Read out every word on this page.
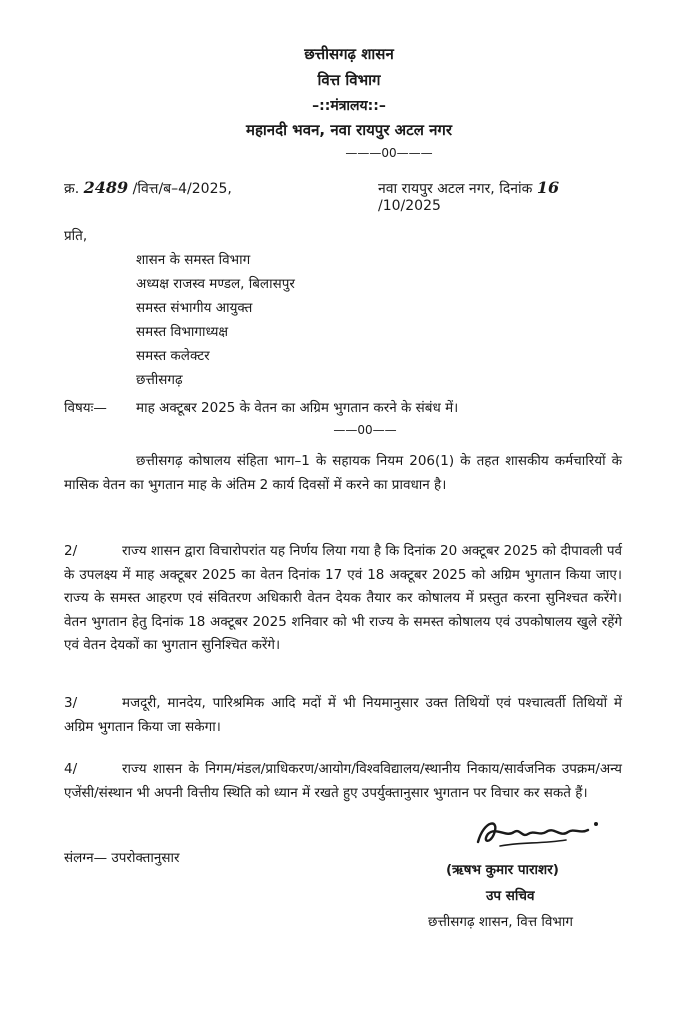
छत्तीसगढ़ शासन
वित्त विभाग
–::मंत्रालय::–
महानदी भवन, नवा रायपुर अटल नगर
———00———
क्र. 2489 /वित्त/ब–4/2025,	नवा रायपुर अटल नगर, दिनांक 16 /10/2025
प्रति,
शासन के समस्त विभाग
अध्यक्ष राजस्व मण्डल, बिलासपुर
समस्त संभागीय आयुक्त
समस्त विभागाध्यक्ष
समस्त कलेक्टर
छत्तीसगढ़
विषयः— माह अक्टूबर 2025 के वेतन का अग्रिम भुगतान करने के संबंध में।
——00——
छत्तीसगढ़ कोषालय संहिता भाग–1 के सहायक नियम 206(1) के तहत शासकीय कर्मचारियों के मासिक वेतन का भुगतान माह के अंतिम 2 कार्य दिवसों में करने का प्रावधान है।
2/	राज्य शासन द्वारा विचारोपरांत यह निर्णय लिया गया है कि दिनांक 20 अक्टूबर 2025 को दीपावली पर्व के उपलक्ष्य में माह अक्टूबर 2025 का वेतन दिनांक 17 एवं 18 अक्टूबर 2025 को अग्रिम भुगतान किया जाए। राज्य के समस्त आहरण एवं संवितरण अधिकारी वेतन देयक तैयार कर कोषालय में प्रस्तुत करना सुनिश्चत करेंगे। वेतन भुगतान हेतु दिनांक 18 अक्टूबर 2025 शनिवार को भी राज्य के समस्त कोषालय एवं उपकोषालय खुले रहेंगे एवं वेतन देयकों का भुगतान सुनिश्चित करेंगे।
3/	मजदूरी, मानदेय, पारिश्रमिक आदि मदों में भी नियमानुसार उक्त तिथियों एवं पश्चात्वर्ती तिथियों में अग्रिम भुगतान किया जा सकेगा।
4/	राज्य शासन के निगम/मंडल/प्राधिकरण/आयोग/विश्वविद्यालय/स्थानीय निकाय/सार्वजनिक उपक्रम/अन्य एजेंसी/संस्थान भी अपनी वित्तीय स्थिति को ध्यान में रखते हुए उपर्युक्तानुसार भुगतान पर विचार कर सकते हैं।
संलग्न— उपरोक्तानुसार
(ऋषभ कुमार पाराशर)
उप सचिव
छत्तीसगढ़ शासन, वित्त विभाग
